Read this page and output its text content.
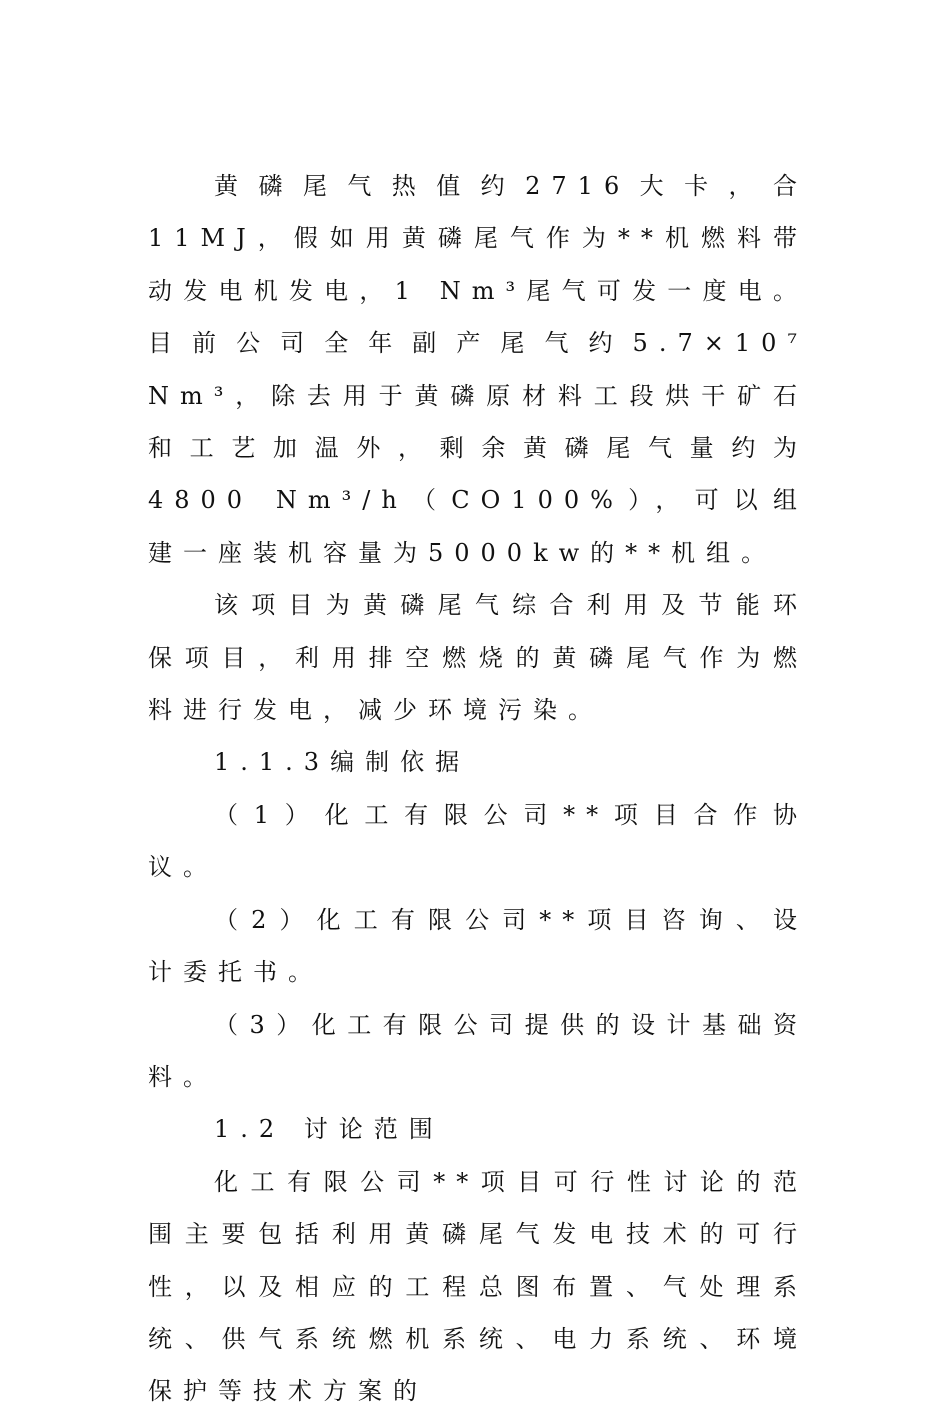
黄磷尾气热值约2716大卡，合11MJ，假如用黄磷尾气作为**机燃料带动发电机发电，1 Nm³尾气可发一度电。目前公司全年副产尾气约5.7×10⁷ Nm³，除去用于黄磷原材料工段烘干矿石和工艺加温外，剩余黄磷尾气量约为4800 Nm³/h（CO100%），可以组建一座装机容量为5000kw的**机组。

该项目为黄磷尾气综合利用及节能环保项目，利用排空燃烧的黄磷尾气作为燃料进行发电，减少环境污染。

1.1.3编制依据

（1）化工有限公司**项目合作协议。

（2）化工有限公司**项目咨询、设计委托书。

（3）化工有限公司提供的设计基础资料。

1.2 讨论范围

化工有限公司**项目可行性讨论的范围主要包括利用黄磷尾气发电技术的可行性，以及相应的工程总图布置、气处理系统、供气系统燃机系统、电力系统、环境保护等技术方案的
